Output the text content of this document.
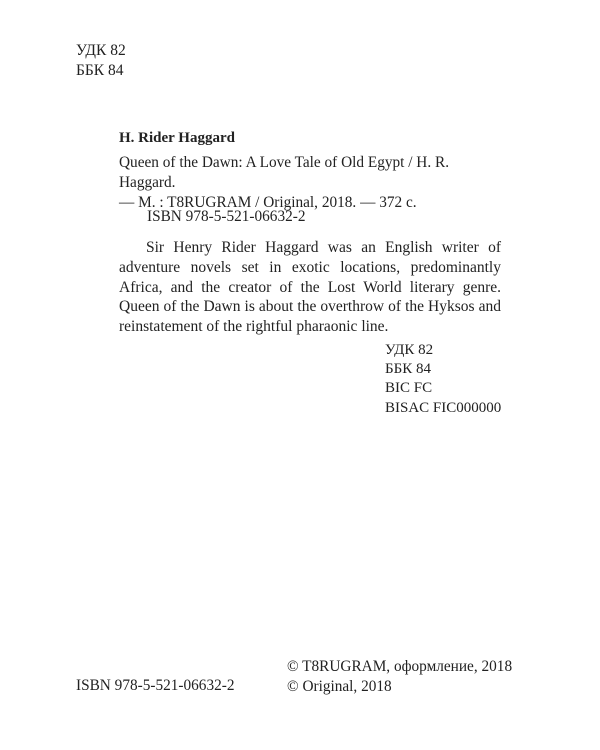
УДК 82
ББК 84
H. Rider Haggard
Queen of the Dawn: A Love Tale of Old Egypt / H. R. Haggard.
— M. : T8RUGRAM / Original, 2018. — 372 с.
ISBN 978-5-521-06632-2
Sir Henry Rider Haggard was an English writer of adventure novels set in exotic locations, predominantly Africa, and the creator of the Lost World literary genre. Queen of the Dawn is about the overthrow of the Hyksos and reinstatement of the rightful pharaonic line.
УДК 82
ББК 84
BIC FC
BISAC FIC000000
ISBN 978-5-521-06632-2
© T8RUGRAM, оформление, 2018
© Original, 2018
